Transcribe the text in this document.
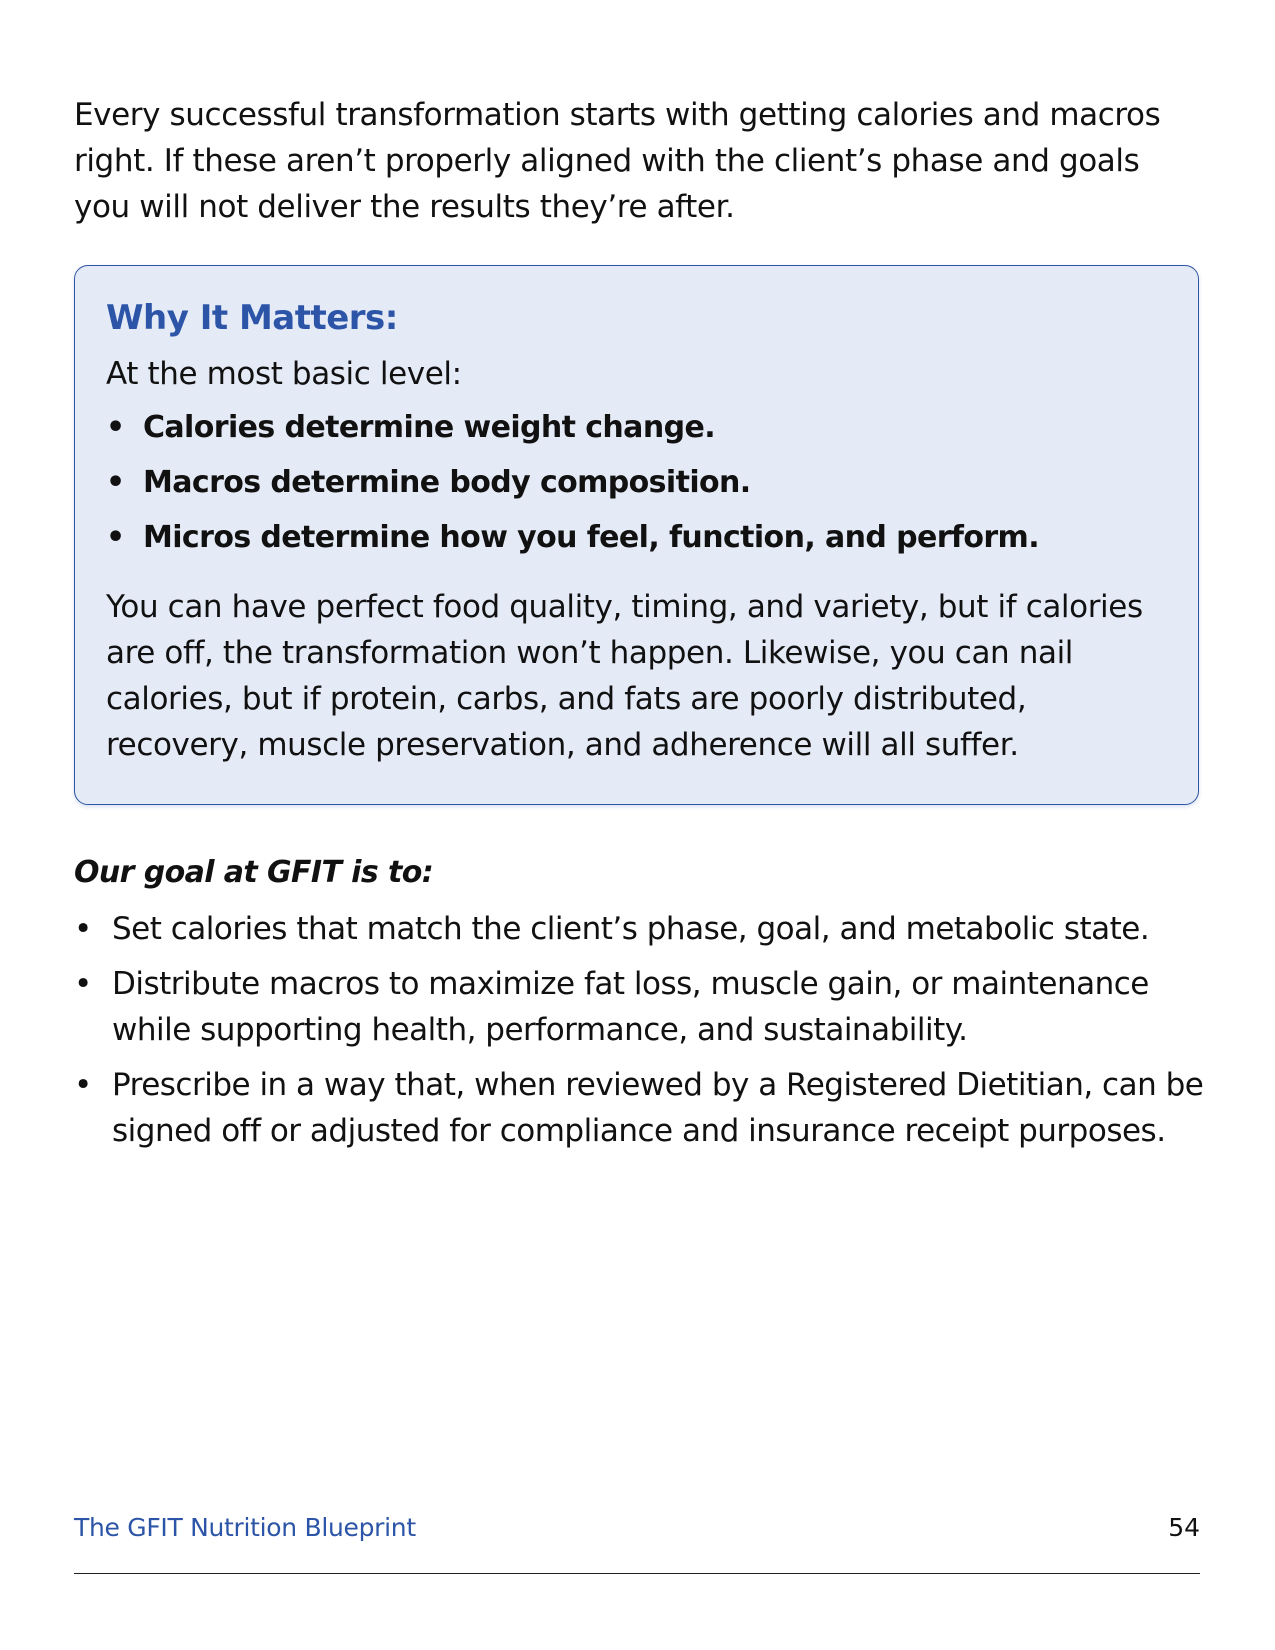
Every successful transformation starts with getting calories and macros right. If these aren’t properly aligned with the client’s phase and goals you will not deliver the results they’re after.

Why It Matters:

At the most basic level:

• Calories determine weight change.
• Macros determine body composition.
• Micros determine how you feel, function, and perform.

You can have perfect food quality, timing, and variety, but if calories are off, the transformation won’t happen. Likewise, you can nail calories, but if protein, carbs, and fats are poorly distributed, recovery, muscle preservation, and adherence will all suffer.

Our goal at GFIT is to:
• Set calories that match the client’s phase, goal, and metabolic state.
• Distribute macros to maximize fat loss, muscle gain, or maintenance while supporting health, performance, and sustainability.
• Prescribe in a way that, when reviewed by a Registered Dietitian, can be signed off or adjusted for compliance and insurance receipt purposes.

The GFIT Nutrition Blueprint	54
